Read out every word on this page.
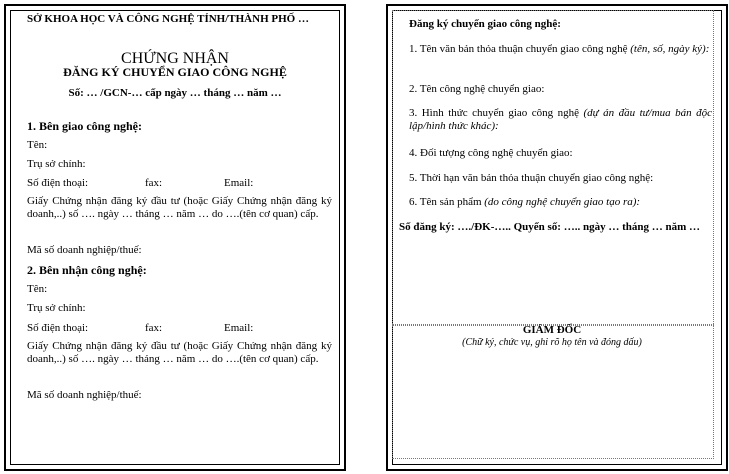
SỞ KHOA HỌC VÀ CÔNG NGHỆ TỈNH/THÀNH PHỐ …
CHỨNG NHẬN
ĐĂNG KÝ CHUYỂN GIAO CÔNG NGHỆ
Số: … /GCN-… cấp ngày … tháng … năm …
1. Bên giao công nghệ:
Tên:
Trụ sở chính:
Số điện thoại:	fax:	Email:
Giấy Chứng nhận đăng ký đầu tư (hoặc Giấy Chứng nhận đăng ký doanh,..) số …. ngày … tháng … năm … do ….(tên cơ quan) cấp.
Mã số doanh nghiệp/thuế:
2. Bên nhận công nghệ:
Tên:
Trụ sở chính:
Số điện thoại:	fax:	Email:
Giấy Chứng nhận đăng ký đầu tư (hoặc Giấy Chứng nhận đăng ký doanh,..) số …. ngày … tháng … năm … do ….(tên cơ quan) cấp.
Mã số doanh nghiệp/thuế:
Đăng ký chuyển giao công nghệ:
1. Tên văn bản thỏa thuận chuyển giao công nghệ (tên, số, ngày ký):
2. Tên công nghệ chuyển giao:
3. Hình thức chuyển giao công nghệ (dự án đầu tư/mua bán độc lập/hình thức khác):
4. Đối tượng công nghệ chuyển giao:
5. Thời hạn văn bản thỏa thuận chuyển giao công nghệ:
6. Tên sản phẩm (do công nghệ chuyển giao tạo ra):
Số đăng ký: …./ĐK-….. Quyển số: ….. ngày … tháng … năm …
GIÁM ĐỐC
(Chữ ký, chức vụ, ghi rõ họ tên và đóng dấu)
